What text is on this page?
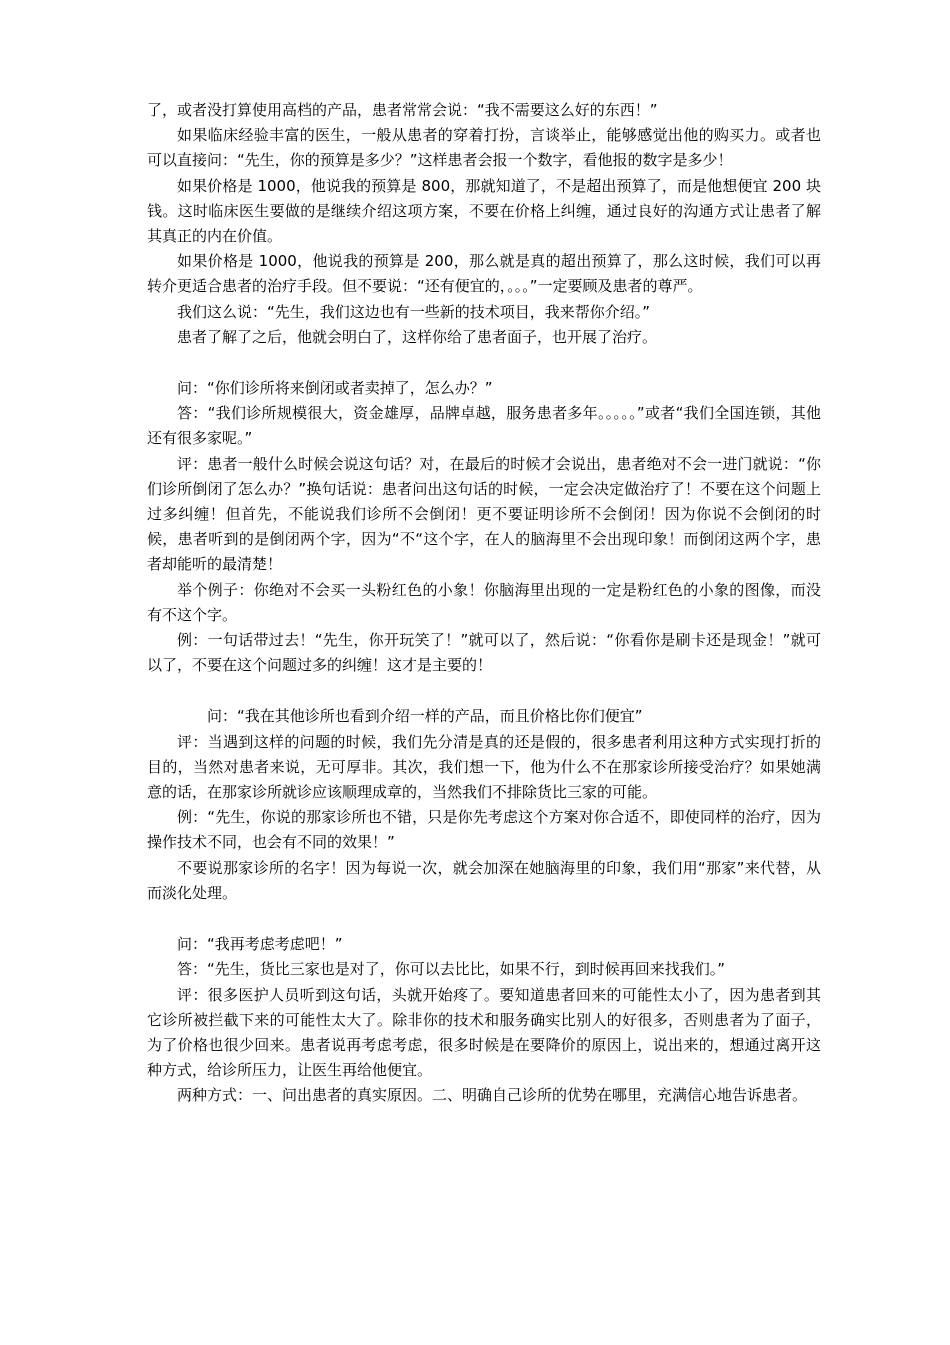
了，或者没打算使用高档的产品，患者常常会说：“我不需要这么好的东西！”

如果临床经验丰富的医生，一般从患者的穿着打扮，言谈举止，能够感觉出他的购买力。或者也可以直接问：“先生，你的预算是多少？”这样患者会报一个数字，看他报的数字是多少！

如果价格是 1000，他说我的预算是 800，那就知道了，不是超出预算了，而是他想便宜 200 块钱。这时临床医生要做的是继续介绍这项方案，不要在价格上纠缠，通过良好的沟通方式让患者了解其真正的内在价值。

如果价格是 1000，他说我的预算是 200，那么就是真的超出预算了，那么这时候，我们可以再转介更适合患者的治疗手段。但不要说：“还有便宜的，。。。”一定要顾及患者的尊严。

我们这么说：“先生，我们这边也有一些新的技术项目，我来帮你介绍。”

患者了解了之后，他就会明白了，这样你给了患者面子，也开展了治疗。

问：“你们诊所将来倒闭或者卖掉了，怎么办？”

答：“我们诊所规模很大，资金雄厚，品牌卓越，服务患者多年。。。。。”或者“我们全国连锁，其他还有很多家呢。”

评：患者一般什么时候会说这句话？对，在最后的时候才会说出，患者绝对不会一进门就说：“你们诊所倒闭了怎么办？”换句话说：患者问出这句话的时候，一定会决定做治疗了！不要在这个问题上过多纠缠！但首先，不能说我们诊所不会倒闭！更不要证明诊所不会倒闭！因为你说不会倒闭的时候，患者听到的是倒闭两个字，因为“不“这个字，在人的脑海里不会出现印象！而倒闭这两个字，患者却能听的最清楚！

举个例子：你绝对不会买一头粉红色的小象！你脑海里出现的一定是粉红色的小象的图像，而没有不这个字。

例：一句话带过去！“先生，你开玩笑了！”就可以了，然后说：“你看你是刷卡还是现金！”就可以了，不要在这个问题过多的纠缠！这才是主要的！

问：“我在其他诊所也看到介绍一样的产品，而且价格比你们便宜”

评：当遇到这样的问题的时候，我们先分清是真的还是假的，很多患者利用这种方式实现打折的目的，当然对患者来说，无可厚非。其次，我们想一下，他为什么不在那家诊所接受治疗？如果她满意的话，在那家诊所就诊应该顺理成章的，当然我们不排除货比三家的可能。

例：“先生，你说的那家诊所也不错，只是你先考虑这个方案对你合适不，即使同样的治疗，因为操作技术不同，也会有不同的效果！”

不要说那家诊所的名字！因为每说一次，就会加深在她脑海里的印象，我们用“那家”来代替，从而淡化处理。

问：“我再考虑考虑吧！”

答：“先生，货比三家也是对了，你可以去比比，如果不行，到时候再回来找我们。”

评：很多医护人员听到这句话，头就开始疼了。要知道患者回来的可能性太小了，因为患者到其它诊所被拦截下来的可能性太大了。除非你的技术和服务确实比别人的好很多，否则患者为了面子，为了价格也很少回来。患者说再考虑考虑，很多时候是在要降价的原因上，说出来的，想通过离开这种方式，给诊所压力，让医生再给他便宜。

两种方式：一、问出患者的真实原因。二、明确自己诊所的优势在哪里，充满信心地告诉患者。
